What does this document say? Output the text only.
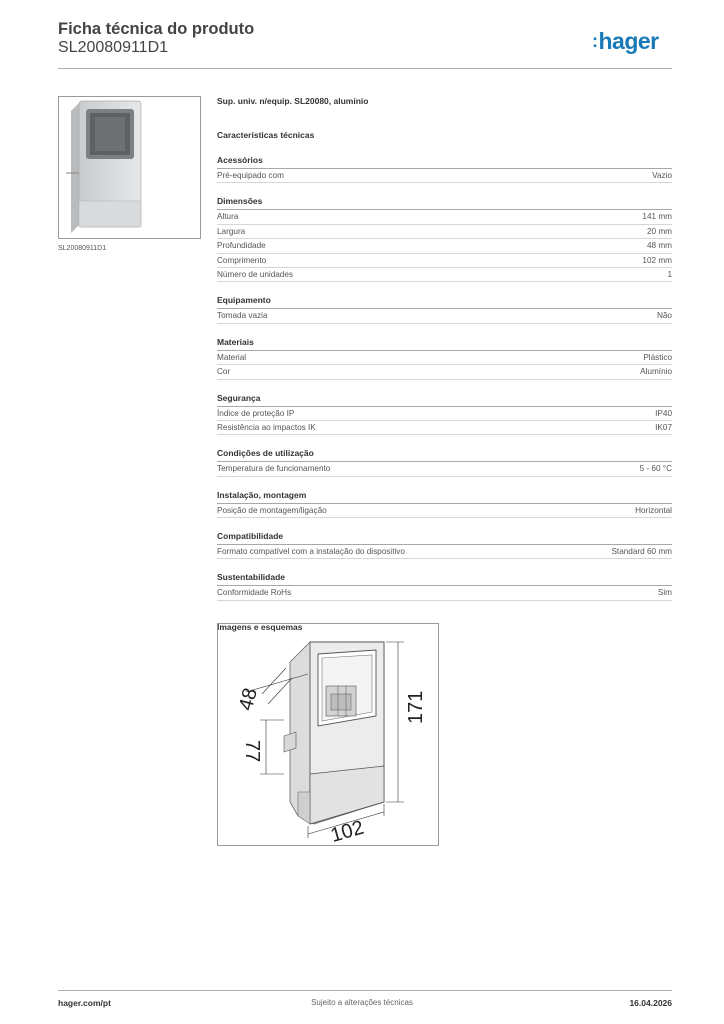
Ficha técnica do produto
SL20080911D1	:hager
SL20080911D1
Sup. univ. n/equip. SL20080, alumínio
Características técnicas
Acessórios
Pré-equipado com	Vazio
Dimensões
Altura	141 mm
Largura	20 mm
Profundidade	48 mm
Comprimento	102 mm
Número de unidades	1
Equipamento
Tomada vazia	Não
Materiais
Material	Plástico
Cor	Alumínio
Segurança
Índice de proteção IP	IP40
Resistência ao impactos IK	IK07
Condições de utilização
Temperatura de funcionamento	5 - 60 °C
Instalação, montagem
Posição de montagem/ligação	Horizontal
Compatibilidade
Formato compatível com a instalação do dispositivo	Standard 60 mm
Sustentabilidade
Conformidade RoHs	Sim
Imagens e esquemas
48
77
171
102
hager.com/pt	Sujeito a alterações técnicas	16.04.2026
